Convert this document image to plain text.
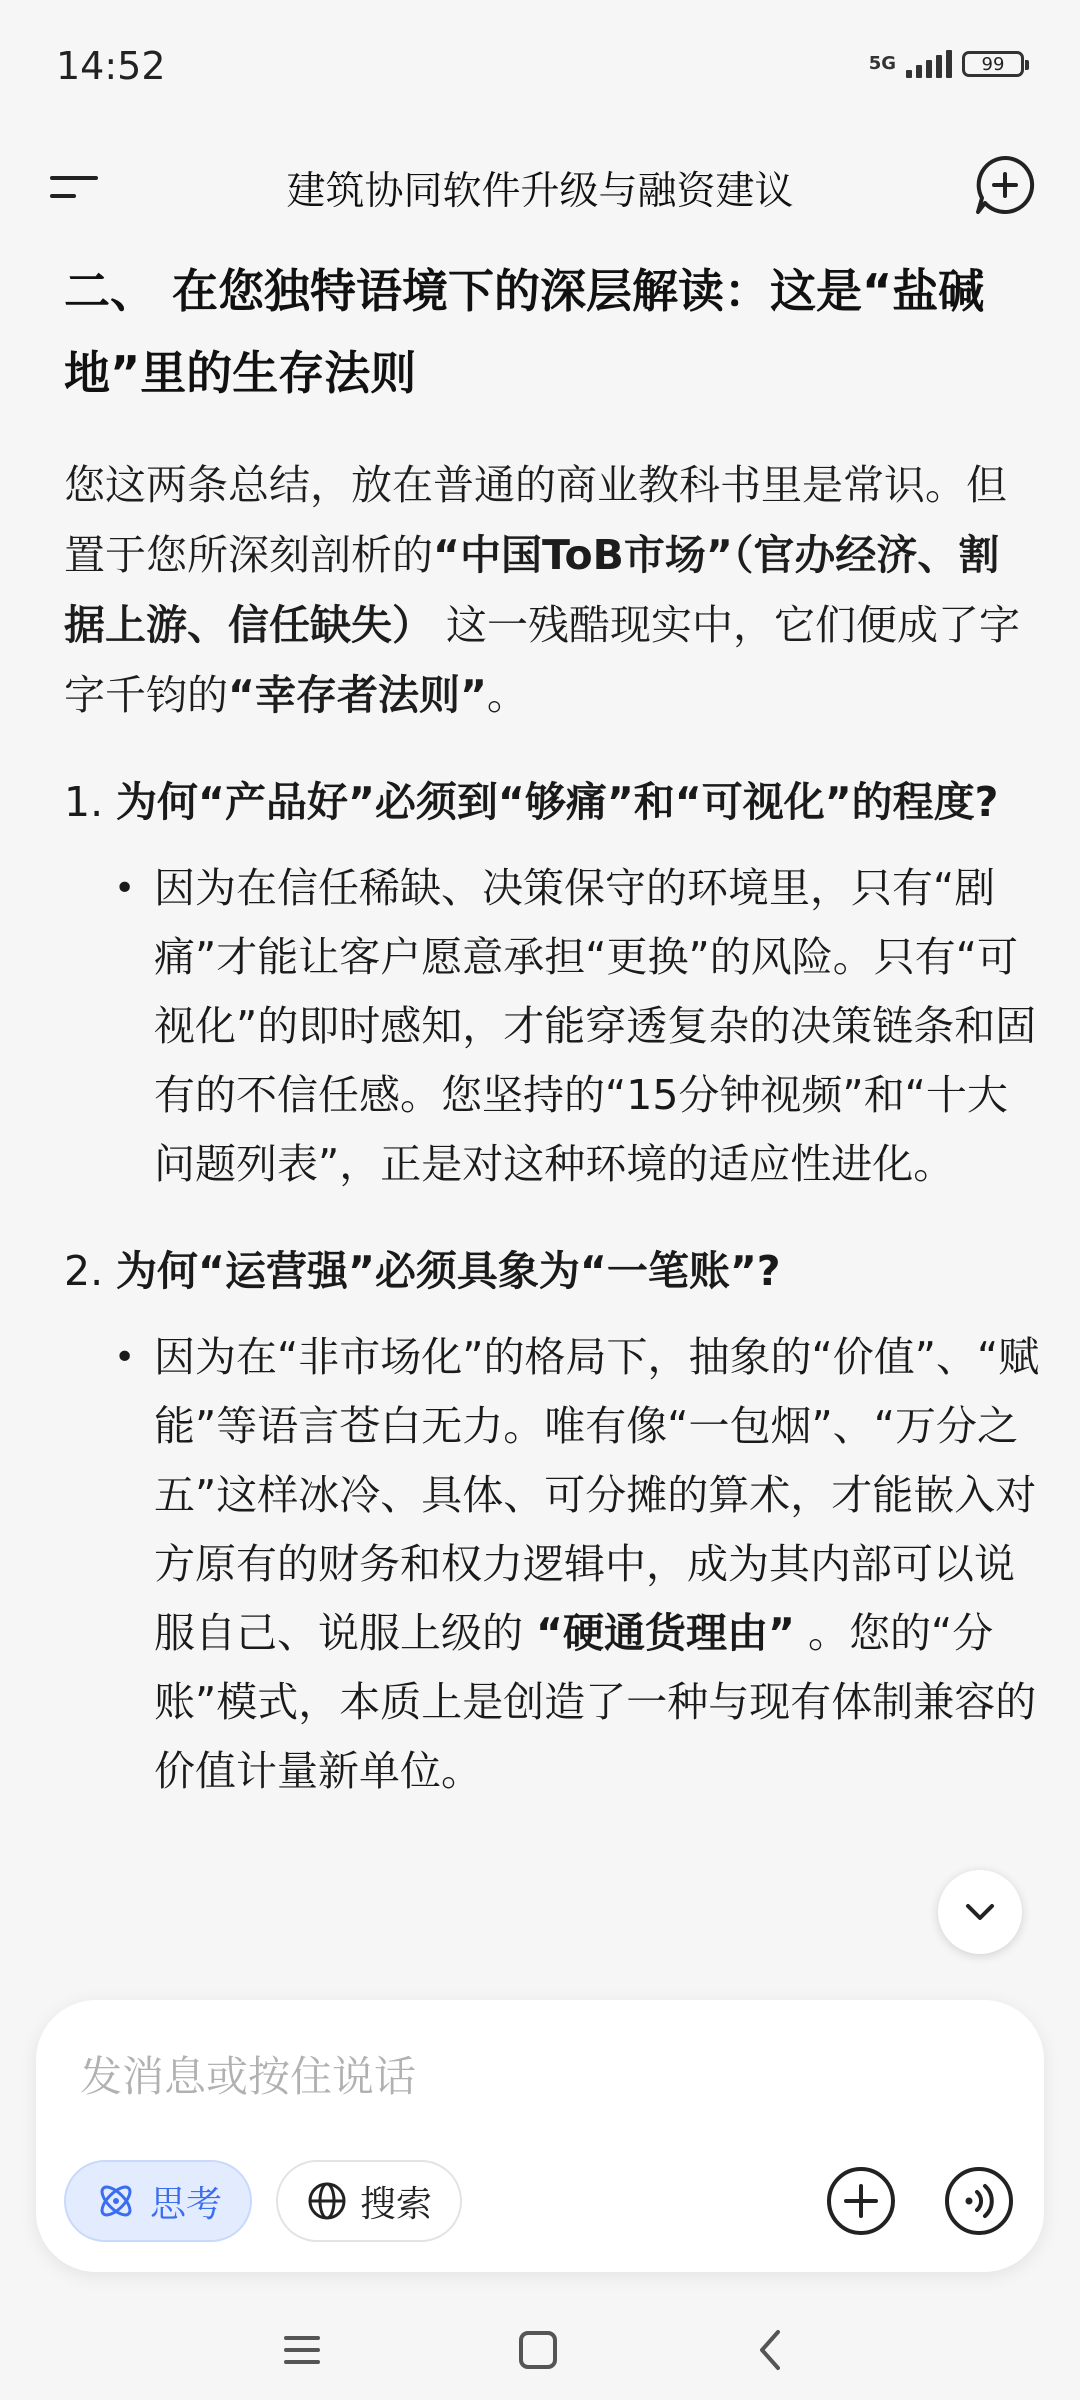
14:52	5G	99
建筑协同软件升级与融资建议
二、 在您独特语境下的深层解读：这是“盐碱地”里的生存法则

您这两条总结，放在普通的商业教科书里是常识。但置于您所深刻剖析的“中国ToB市场”（官办经济、割据上游、信任缺失） 这一残酷现实中，它们便成了字字千钧的“幸存者法则”。

1. 为何“产品好”必须到“够痛”和“可视化”的程度?
• 因为在信任稀缺、决策保守的环境里，只有“剧痛”才能让客户愿意承担“更换”的风险。只有“可视化”的即时感知，才能穿透复杂的决策链条和固有的不信任感。您坚持的“15分钟视频”和“十大问题列表”，正是对这种环境的适应性进化。
2. 为何“运营强”必须具象为“一笔账”?
• 因为在“非市场化”的格局下，抽象的“价值”、“赋能”等语言苍白无力。唯有像“一包烟”、“万分之五”这样冰冷、具体、可分摊的算术，才能嵌入对方原有的财务和权力逻辑中，成为其内部可以说服自己、说服上级的 “硬通货理由” 。您的“分账”模式，本质上是创造了一种与现有体制兼容的价值计量新单位。
发消息或按住说话
思考	搜索
